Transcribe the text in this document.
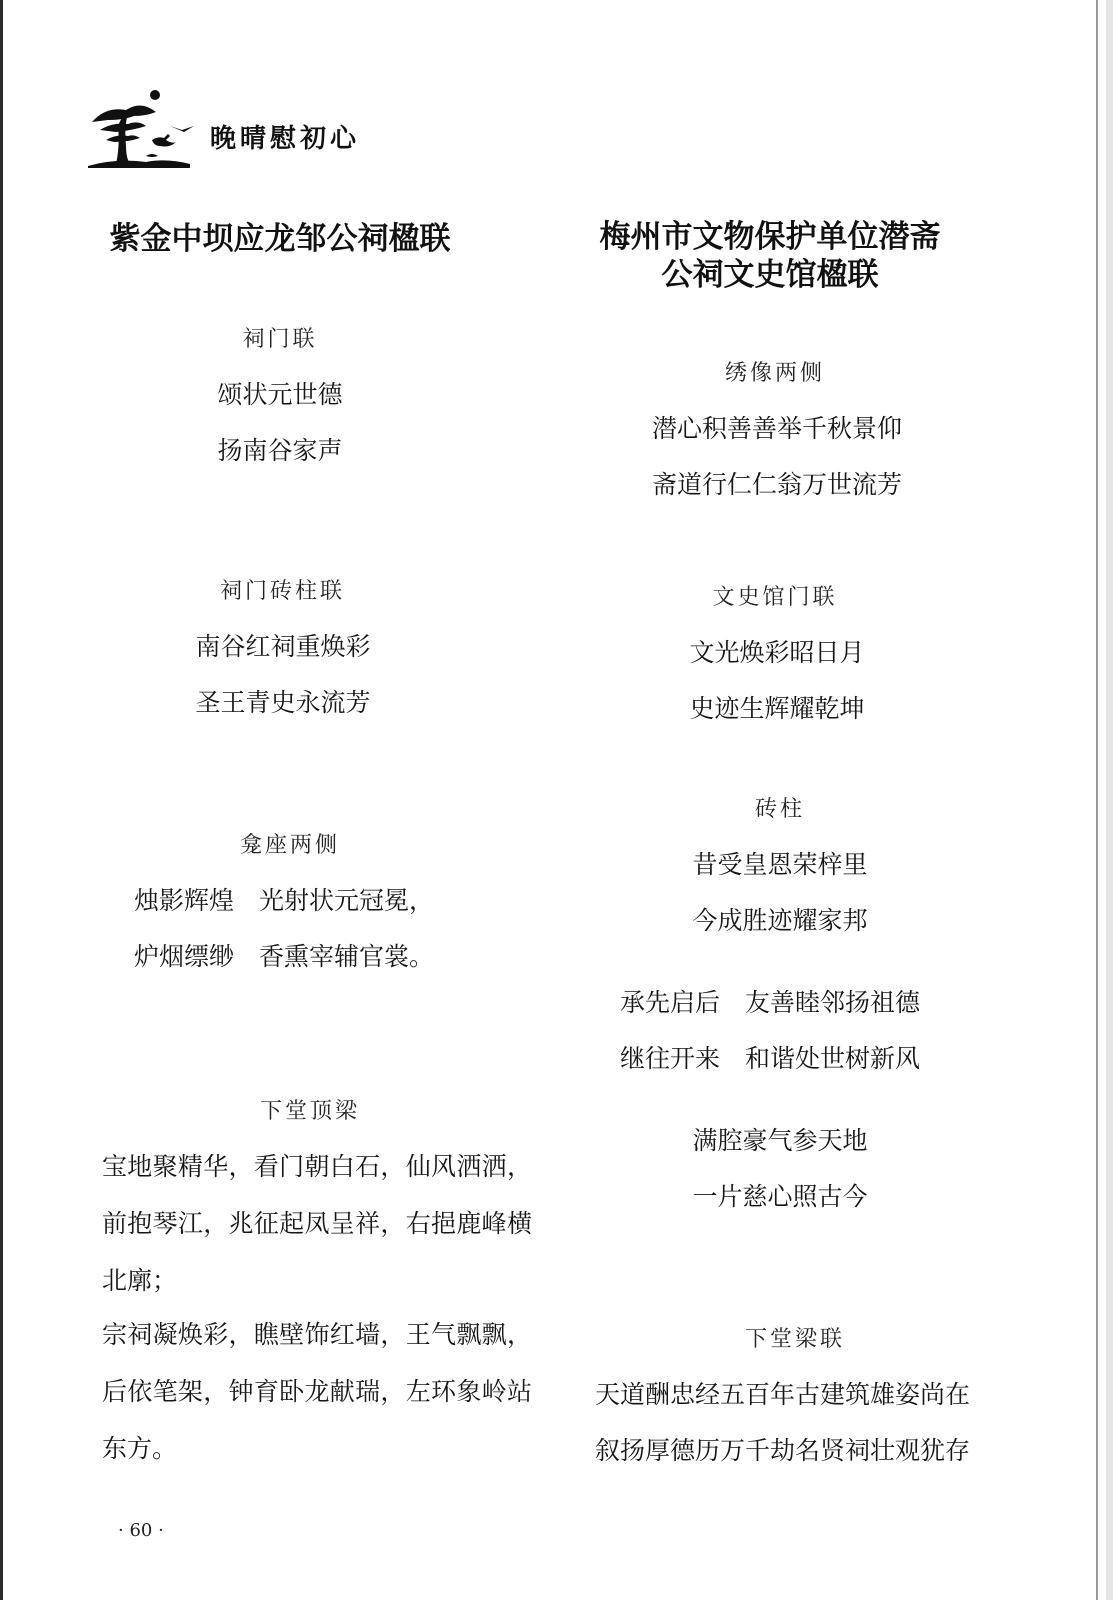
晚晴慰初心
紫金中坝应龙邹公祠楹联
祠门联
颂状元世德
扬南谷家声
祠门砖柱联
南谷红祠重焕彩
圣王青史永流芳
龛座两侧
烛影辉煌　光射状元冠冕，
炉烟缥缈　香熏宰辅官裳。
下堂顶梁
宝地聚精华，看门朝白石，仙风洒洒，前抱琴江，兆征起凤呈祥，右挹鹿峰横北廓；
宗祠凝焕彩，瞧壁饰红墙，王气飘飘，后依笔架，钟育卧龙献瑞，左环象岭站东方。
梅州市文物保护单位潜斋
公祠文史馆楹联
绣像两侧
潜心积善善举千秋景仰
斋道行仁仁翁万世流芳
文史馆门联
文光焕彩昭日月
史迹生辉耀乾坤
砖柱
昔受皇恩荣梓里
今成胜迹耀家邦
承先启后　友善睦邻扬祖德
继往开来　和谐处世树新风
满腔豪气参天地
一片慈心照古今
下堂梁联
天道酬忠经五百年古建筑雄姿尚在
叙扬厚德历万千劫名贤祠壮观犹存
· 60 ·
